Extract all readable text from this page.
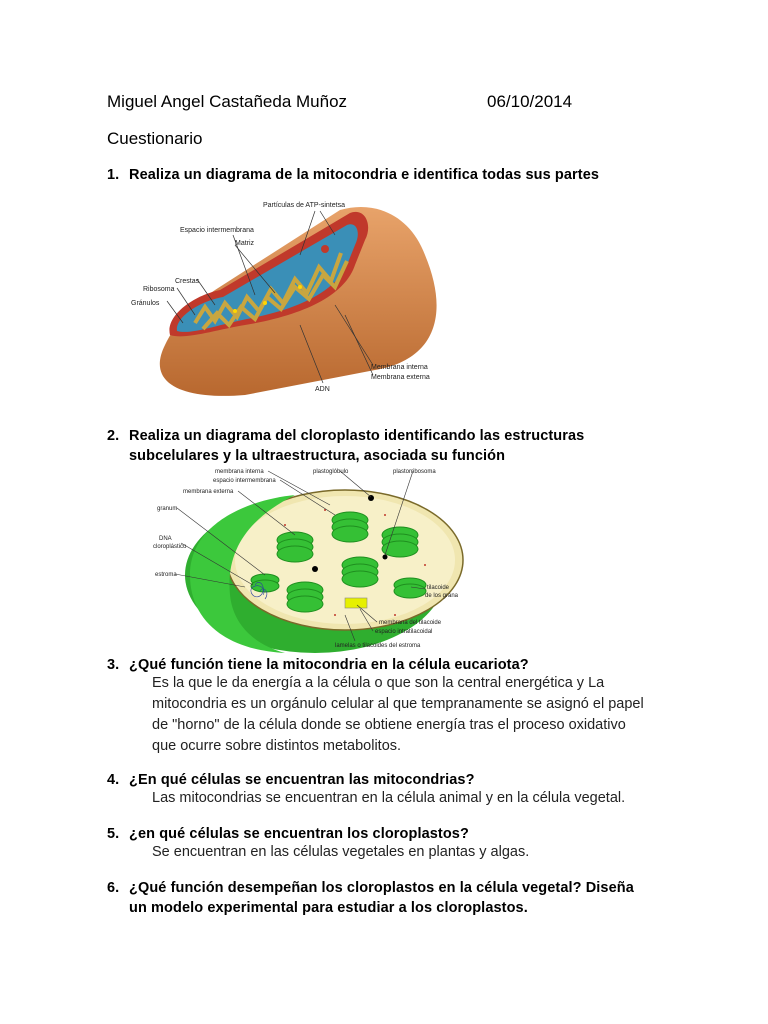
Miguel Angel Castañeda Muñoz	06/10/2014
Cuestionario
1. Realiza un diagrama de la mitocondria e identifica todas sus partes
Partículas de ATP-sintetsa
Espacio intermembrana
Matriz
Crestas
Ribosoma
Gránulos
Membrana interna
Membrana externa
ADN
2. Realiza un diagrama del cloroplasto identificando las estructuras subcelulares y la ultraestructura, asociada su función
membrana interna
espacio intermembrana
membrana externa
granum
DNA
cloroplástico
estroma
plastoglóbulo	plastorribosoma
tilacoide
de los grana
membrana del tilacoide
espacio intratilacoidal
lamelas o tilacoides del estroma
3. ¿Qué función tiene la mitocondria en la célula eucariota?
Es la que le da energía a la célula o que son la central energética y La mitocondria es un orgánulo celular al que tempranamente se asignó el papel de "horno" de la célula donde se obtiene energía tras el proceso oxidativo que ocurre sobre distintos metabolitos.
4. ¿En qué células se encuentran las mitocondrias?
Las mitocondrias se encuentran en la célula animal y en la célula vegetal.
5. ¿en qué células se encuentran los cloroplastos?
Se encuentran en las células vegetales en plantas y algas.
6. ¿Qué función desempeñan los cloroplastos en la célula vegetal? Diseña un modelo experimental para estudiar a los cloroplastos.
